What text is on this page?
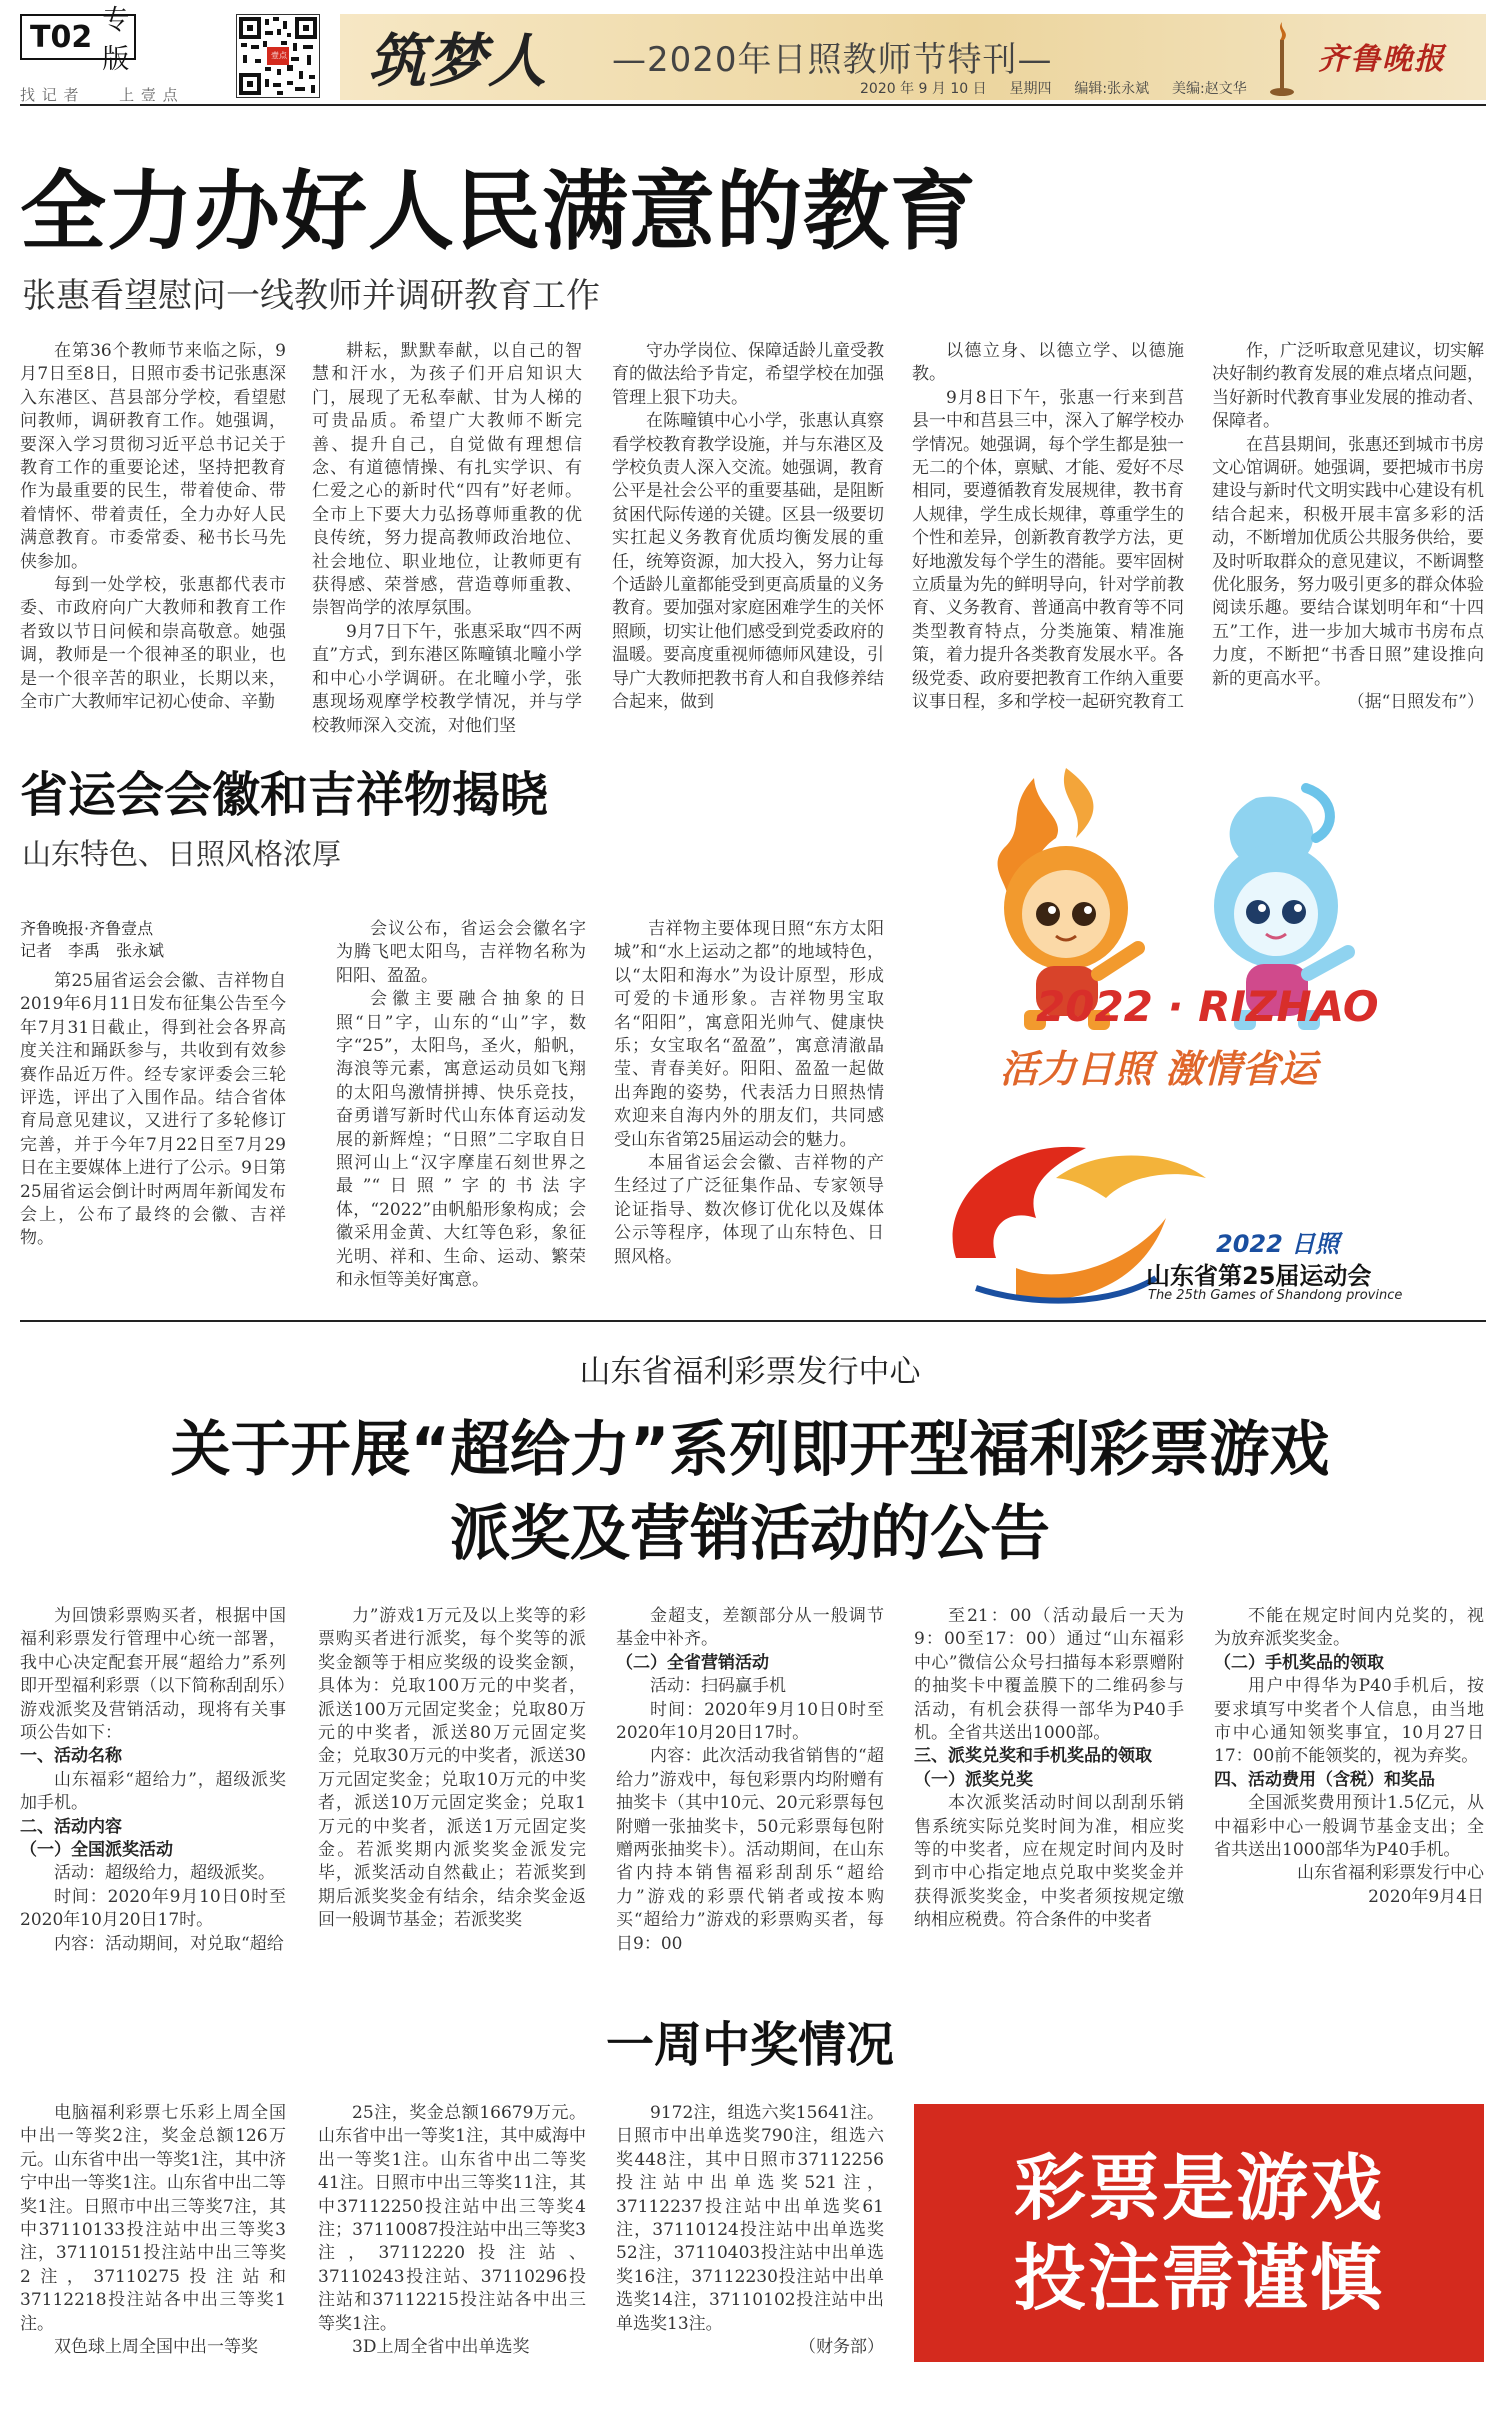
T02 专版
找 记 者	上 壹 点
壹点 筑梦人 —2020年日照教师节特刊—
2020 年 9 月 10 日 星期四 编辑:张永斌 美编:赵文华
齐鲁晚报
全力办好人民满意的教育
张惠看望慰问一线教师并调研教育工作

在第36个教师节来临之际，9月7日至8日，日照市委书记张惠深入东港区、莒县部分学校，看望慰问教师，调研教育工作。她强调，要深入学习贯彻习近平总书记关于教育工作的重要论述，坚持把教育作为最重要的民生，带着使命、带着情怀、带着责任，全力办好人民满意教育。市委常委、秘书长马先侠参加。

每到一处学校，张惠都代表市委、市政府向广大教师和教育工作者致以节日问候和崇高敬意。她强调，教师是一个很神圣的职业，也是一个很辛苦的职业，长期以来，全市广大教师牢记初心使命、辛勤

耕耘，默默奉献，以自己的智慧和汗水，为孩子们开启知识大门，展现了无私奉献、甘为人梯的可贵品质。希望广大教师不断完善、提升自己，自觉做有理想信念、有道德情操、有扎实学识、有仁爱之心的新时代“四有”好老师。全市上下要大力弘扬尊师重教的优良传统，努力提高教师政治地位、社会地位、职业地位，让教师更有获得感、荣誉感，营造尊师重教、崇智尚学的浓厚氛围。

9月7日下午，张惠采取“四不两直”方式，到东港区陈疃镇北疃小学和中心小学调研。在北疃小学，张惠现场观摩学校教学情况，并与学校教师深入交流，对他们坚

守办学岗位、保障适龄儿童受教育的做法给予肯定，希望学校在加强管理上狠下功夫。

在陈疃镇中心小学，张惠认真察看学校教育教学设施，并与东港区及学校负责人深入交流。她强调，教育公平是社会公平的重要基础，是阻断贫困代际传递的关键。区县一级要切实扛起义务教育优质均衡发展的重任，统筹资源，加大投入，努力让每个适龄儿童都能受到更高质量的义务教育。要加强对家庭困难学生的关怀照顾，切实让他们感受到党委政府的温暖。要高度重视师德师风建设，引导广大教师把教书育人和自我修养结合起来，做到

以德立身、以德立学、以德施教。

9月8日下午，张惠一行来到莒县一中和莒县三中，深入了解学校办学情况。她强调，每个学生都是独一无二的个体，禀赋、才能、爱好不尽相同，要遵循教育发展规律，教书育人规律，学生成长规律，尊重学生的个性和差异，创新教育教学方法，更好地激发每个学生的潜能。要牢固树立质量为先的鲜明导向，针对学前教育、义务教育、普通高中教育等不同类型教育特点，分类施策、精准施策，着力提升各类教育发展水平。各级党委、政府要把教育工作纳入重要议事日程，多和学校一起研究教育工

作，广泛听取意见建议，切实解决好制约教育发展的难点堵点问题，当好新时代教育事业发展的推动者、保障者。

在莒县期间，张惠还到城市书房文心馆调研。她强调，要把城市书房建设与新时代文明实践中心建设有机结合起来，积极开展丰富多彩的活动，不断增加优质公共服务供给，要及时听取群众的意见建议，不断调整优化服务，努力吸引更多的群众体验阅读乐趣。要结合谋划明年和“十四五”工作，进一步加大城市书房布点力度，不断把“书香日照”建设推向新的更高水平。

（据“日照发布”）

省运会会徽和吉祥物揭晓
山东特色、日照风格浓厚
齐鲁晚报·齐鲁壹点
记者　李禹　张永斌

第25届省运会会徽、吉祥物自2019年6月11日发布征集公告至今年7月31日截止，得到社会各界高度关注和踊跃参与，共收到有效参赛作品近万件。经专家评委会三轮评选，评出了入围作品。结合省体育局意见建议，又进行了多轮修订完善，并于今年7月22日至7月29日在主要媒体上进行了公示。9日第25届省运会倒计时两周年新闻发布会上，公布了最终的会徽、吉祥物。

会议公布，省运会会徽名字为腾飞吧太阳鸟，吉祥物名称为阳阳、盈盈。

会徽主要融合抽象的日照“日”字，山东的“山”字，数字“25”，太阳鸟，圣火，船帆，海浪等元素，寓意运动员如飞翔的太阳鸟激情拼搏、快乐竞技，奋勇谱写新时代山东体育运动发展的新辉煌；“日照”二字取自日照河山上“汉字摩崖石刻世界之最”“日照”字的书法字体，“2022”由帆船形象构成；会徽采用金黄、大红等色彩，象征光明、祥和、生命、运动、繁荣和永恒等美好寓意。

吉祥物主要体现日照“东方太阳城”和“水上运动之都”的地域特色，以“太阳和海水”为设计原型，形成可爱的卡通形象。吉祥物男宝取名“阳阳”，寓意阳光帅气、健康快乐；女宝取名“盈盈”，寓意清澈晶莹、青春美好。阳阳、盈盈一起做出奔跑的姿势，代表活力日照热情欢迎来自海内外的朋友们，共同感受山东省第25届运动会的魅力。

本届省运会会徽、吉祥物的产生经过了广泛征集作品、专家领导论证指导、数次修订优化以及媒体公示等程序，体现了山东特色、日照风格。

2022 · RIZHAO
活力日照 激情省运
2022 日照
山东省第25届运动会
The 25th Games of Shandong province
山东省福利彩票发行中心
关于开展“超给力”系列即开型福利彩票游戏
派奖及营销活动的公告

为回馈彩票购买者，根据中国福利彩票发行管理中心统一部署，我中心决定配套开展“超给力”系列即开型福利彩票（以下简称刮刮乐）游戏派奖及营销活动，现将有关事项公告如下：

一、活动名称

山东福彩“超给力”，超级派奖加手机。

二、活动内容

（一）全国派奖活动

活动：超级给力，超级派奖。

时间：2020年9月10日0时至2020年10月20日17时。

内容：活动期间，对兑取“超给

力”游戏1万元及以上奖等的彩票购买者进行派奖，每个奖等的派奖金额等于相应奖级的设奖金额，具体为：兑取100万元的中奖者，派送100万元固定奖金；兑取80万元的中奖者，派送80万元固定奖金；兑取30万元的中奖者，派送30万元固定奖金；兑取10万元的中奖者，派送10万元固定奖金；兑取1万元的中奖者，派送1万元固定奖金。若派奖期内派奖奖金派发完毕，派奖活动自然截止；若派奖到期后派奖奖金有结余，结余奖金返回一般调节基金；若派奖奖

金超支，差额部分从一般调节基金中补齐。

（二）全省营销活动

活动：扫码赢手机

时间：2020年9月10日0时至2020年10月20日17时。

内容：此次活动我省销售的“超给力”游戏中，每包彩票内均附赠有抽奖卡（其中10元、20元彩票每包附赠一张抽奖卡，50元彩票每包附赠两张抽奖卡）。活动期间，在山东省内持本销售福彩刮刮乐“超给力”游戏的彩票代销者或按本购买“超给力”游戏的彩票购买者，每日9：00

至21：00（活动最后一天为9：00至17：00）通过“山东福彩中心”微信公众号扫描每本彩票赠附的抽奖卡中覆盖膜下的二维码参与活动，有机会获得一部华为P40手机。全省共送出1000部。

三、派奖兑奖和手机奖品的领取

（一）派奖兑奖

本次派奖活动时间以刮刮乐销售系统实际兑奖时间为准，相应奖等的中奖者，应在规定时间内及时到市中心指定地点兑取中奖奖金并获得派奖奖金，中奖者须按规定缴纳相应税费。符合条件的中奖者

不能在规定时间内兑奖的，视为放弃派奖奖金。

（二）手机奖品的领取

用户中得华为P40手机后，按要求填写中奖者个人信息，由当地市中心通知领奖事宜，10月27日17：00前不能领奖的，视为弃奖。

四、活动费用（含税）和奖品

全国派奖费用预计1.5亿元，从中福彩中心一般调节基金支出；全省共送出1000部华为P40手机。

山东省福利彩票发行中心

2020年9月4日

一周中奖情况

电脑福利彩票七乐彩上周全国中出一等奖2注，奖金总额126万元。山东省中出一等奖1注，其中济宁中出一等奖1注。山东省中出二等奖1注。日照市中出三等奖7注，其中37110133投注站中出三等奖3注，37110151投注站中出三等奖2注，37110275投注站和37112218投注站各中出三等奖1注。

双色球上周全国中出一等奖

25注，奖金总额16679万元。山东省中出一等奖1注，其中威海中出一等奖1注。山东省中出二等奖41注。日照市中出三等奖11注，其中37112250投注站中出三等奖4注；37110087投注站中出三等奖3注，37112220投注站、37110243投注站、37110296投注站和37112215投注站各中出三等奖1注。

3D上周全省中出单选奖

9172注，组选六奖15641注。日照市中出单选奖790注，组选六奖448注，其中日照市37112256投注站中出单选奖521注，37112237投注站中出单选奖61注，37110124投注站中出单选奖52注，37110403投注站中出单选奖16注，37112230投注站中出单选奖14注，37110102投注站中出单选奖13注。

（财务部）

彩票是游戏
投注需谨慎
